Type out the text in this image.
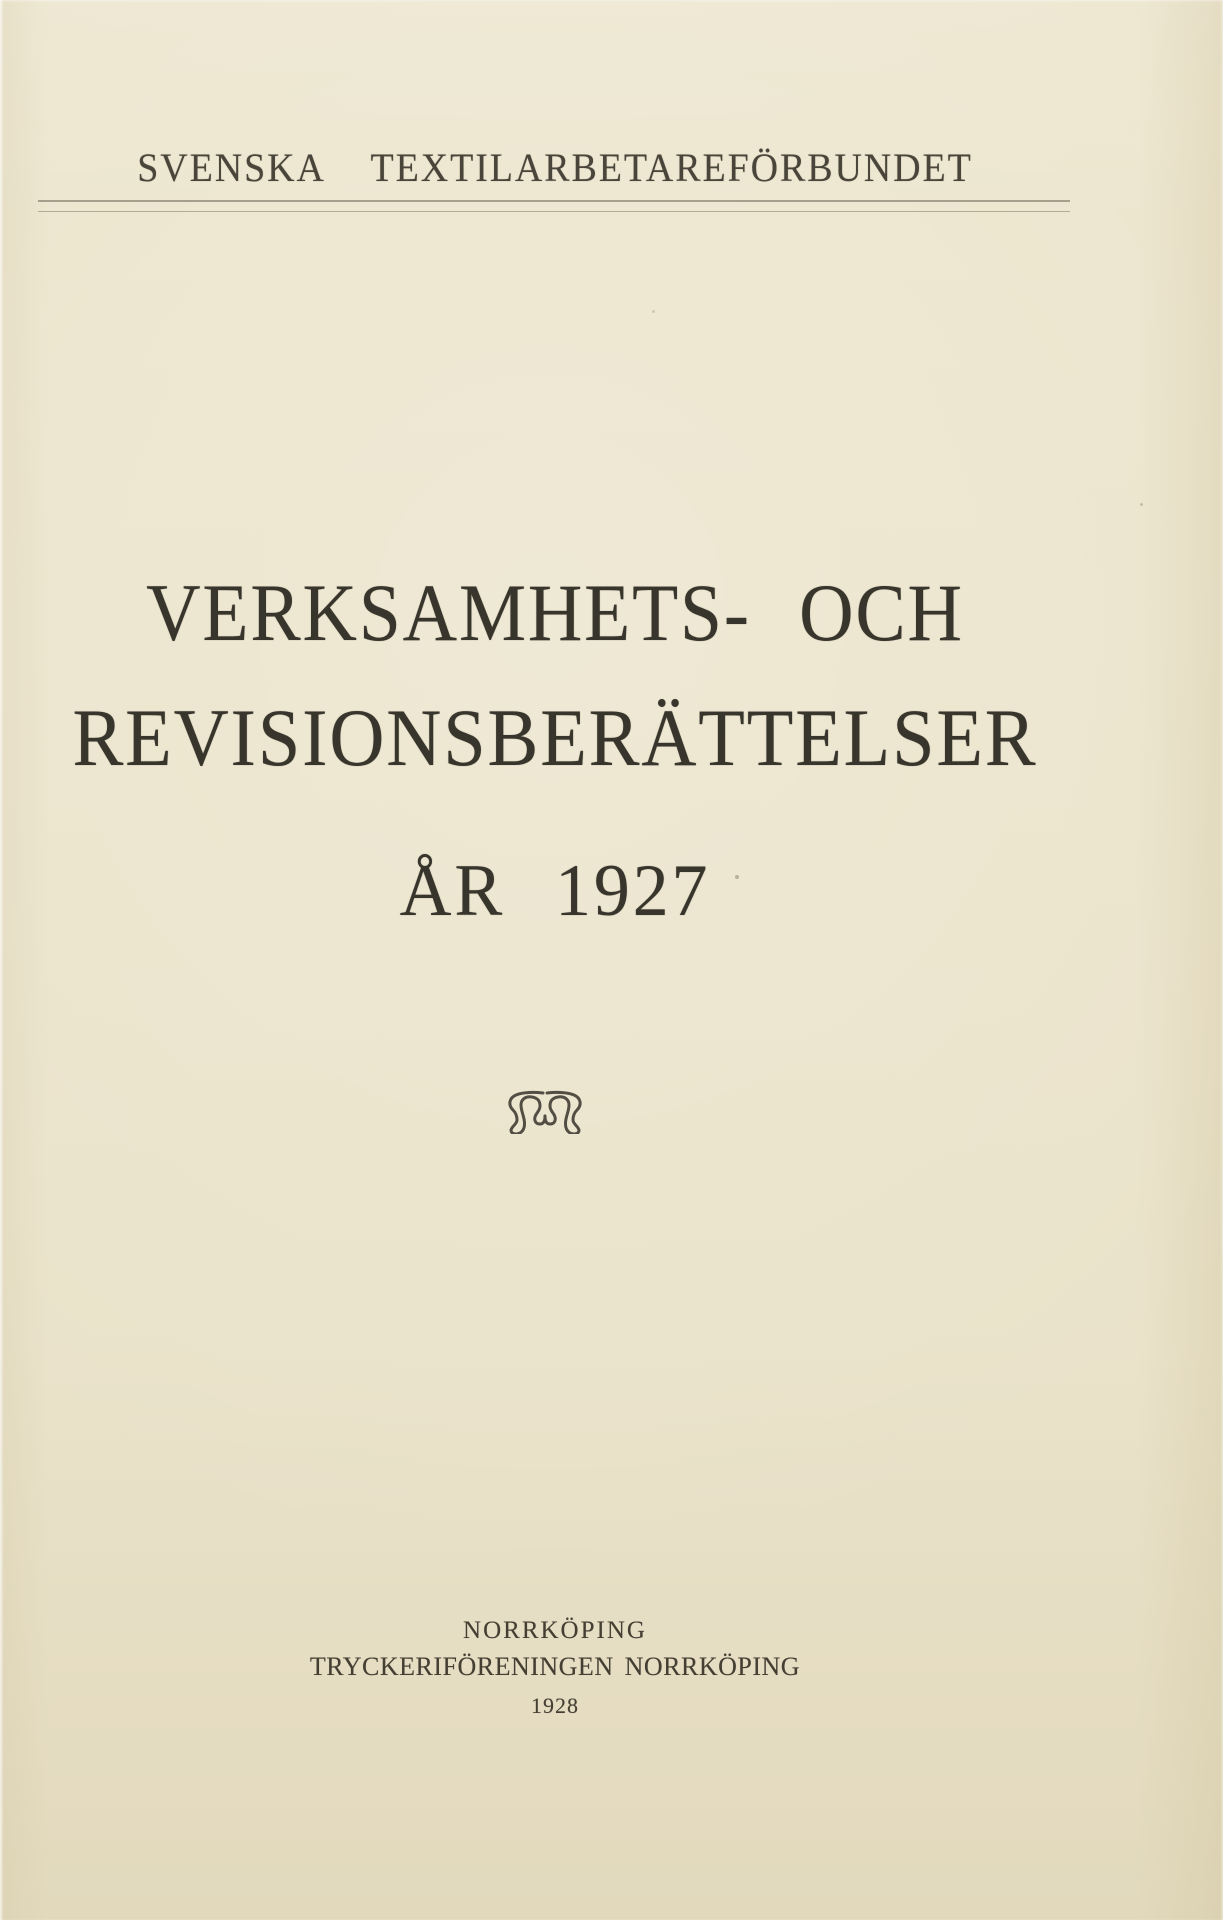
SVENSKA TEXTILARBETAREFÖRBUNDET
VERKSAMHETS- OCH
REVISIONSBERÄTTELSER
ÅR 1927
NORRKÖPING
TRYCKERIFÖRENINGEN NORRKÖPING
1928
